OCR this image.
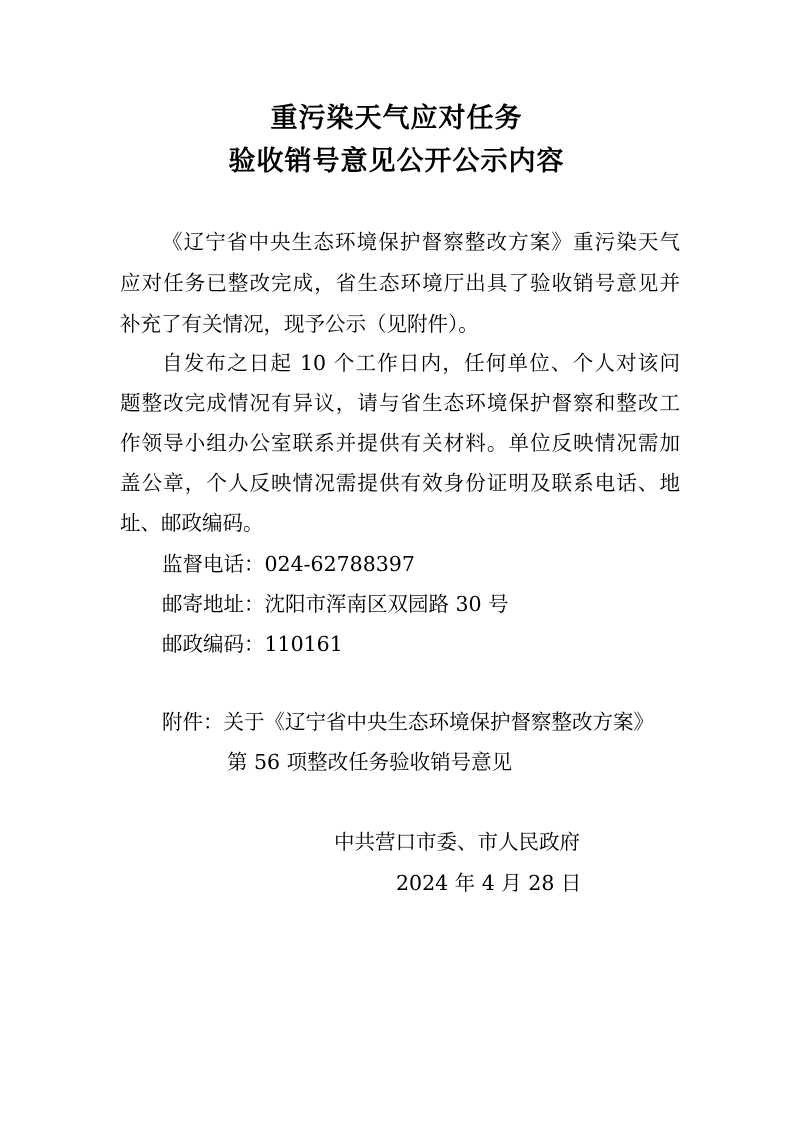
重污染天气应对任务
验收销号意见公开公示内容

《辽宁省中央生态环境保护督察整改方案》重污染天气

应对任务已整改完成，省生态环境厅出具了验收销号意见并

补充了有关情况，现予公示（见附件）。

自发布之日起 10 个工作日内，任何单位、个人对该问

题整改完成情况有异议，请与省生态环境保护督察和整改工

作领导小组办公室联系并提供有关材料。单位反映情况需加

盖公章，个人反映情况需提供有效身份证明及联系电话、地

址、邮政编码。

监督电话：024-62788397

邮寄地址：沈阳市浑南区双园路 30 号

邮政编码：110161

附件：关于《辽宁省中央生态环境保护督察整改方案》

第 56 项整改任务验收销号意见

中共营口市委、市人民政府

2024 年 4 月 28 日
